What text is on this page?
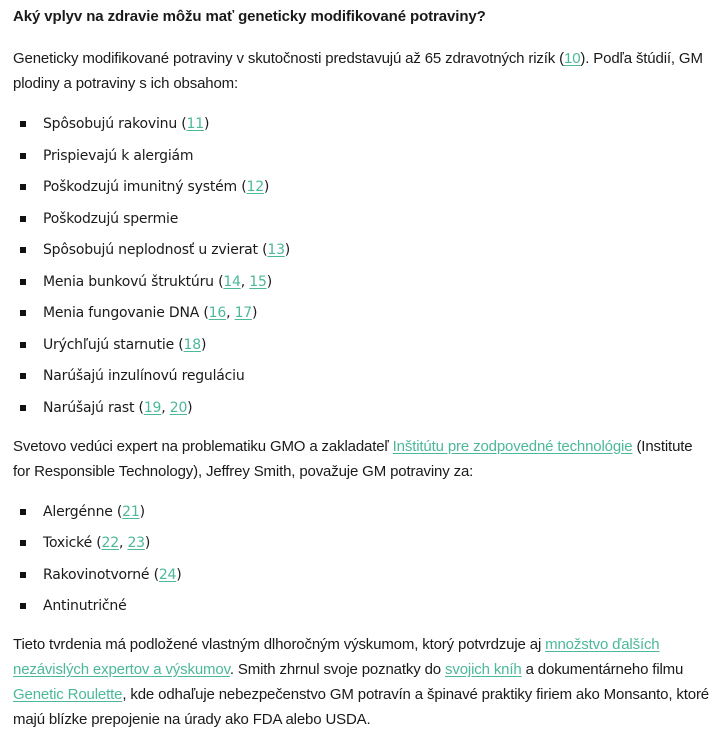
Aký vplyv na zdravie môžu mať geneticky modifikované potraviny?

Geneticky modifikované potraviny v skutočnosti predstavujú až 65 zdravotných rizík (10). Podľa štúdií, GM plodiny a potraviny s ich obsahom:

Spôsobujú rakovinu (11)
Prispievajú k alergiám
Poškodzujú imunitný systém (12)
Poškodzujú spermie
Spôsobujú neplodnosť u zvierat (13)
Menia bunkovú štruktúru (14, 15)
Menia fungovanie DNA (16, 17)
Urýchľujú starnutie (18)
Narúšajú inzulínovú reguláciu
Narúšajú rast (19, 20)

Svetovo vedúci expert na problematiku GMO a zakladateľ Inštitútu pre zodpovedné technológie (Institute for Responsible Technology), Jeffrey Smith, považuje GM potraviny za:

Alergénne (21)
Toxické (22, 23)
Rakovinotvorné (24)
Antinutričné

Tieto tvrdenia má podložené vlastným dlhoročným výskumom, ktorý potvrdzuje aj množstvo ďalších nezávislých expertov a výskumov. Smith zhrnul svoje poznatky do svojich kníh a dokumentárneho filmu Genetic Roulette, kde odhaľuje nebezpečenstvo GM potravín a špinavé praktiky firiem ako Monsanto, ktoré majú blízke prepojenie na úrady ako FDA alebo USDA.
